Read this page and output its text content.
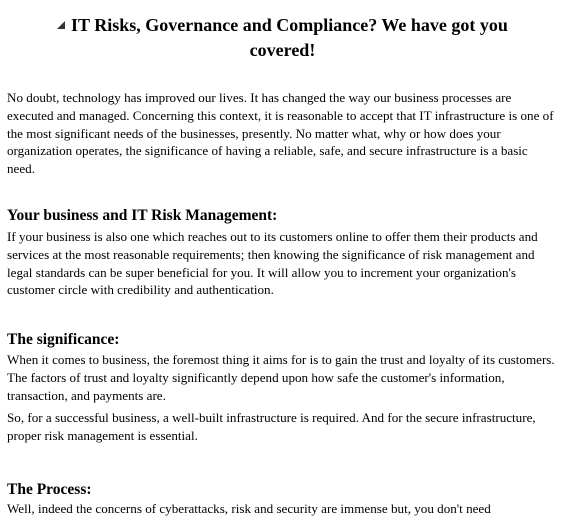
IT Risks, Governance and Compliance? We have got you covered!

No doubt, technology has improved our lives. It has changed the way our business processes are executed and managed. Concerning this context, it is reasonable to accept that IT infrastructure is one of the most significant needs of the businesses, presently. No matter what, why or how does your organization operates, the significance of having a reliable, safe, and secure infrastructure is a basic need.

Your business and IT Risk Management:

If your business is also one which reaches out to its customers online to offer them their products and services at the most reasonable requirements; then knowing the significance of risk management and legal standards can be super beneficial for you. It will allow you to increment your organization's customer circle with credibility and authentication.

The significance:

When it comes to business, the foremost thing it aims for is to gain the trust and loyalty of its customers. The factors of trust and loyalty significantly depend upon how safe the customer's information, transaction, and payments are.

So, for a successful business, a well-built infrastructure is required. And for the secure infrastructure, proper risk management is essential.

The Process:

Well, indeed the concerns of cyberattacks, risk and security are immense but, you don't need
